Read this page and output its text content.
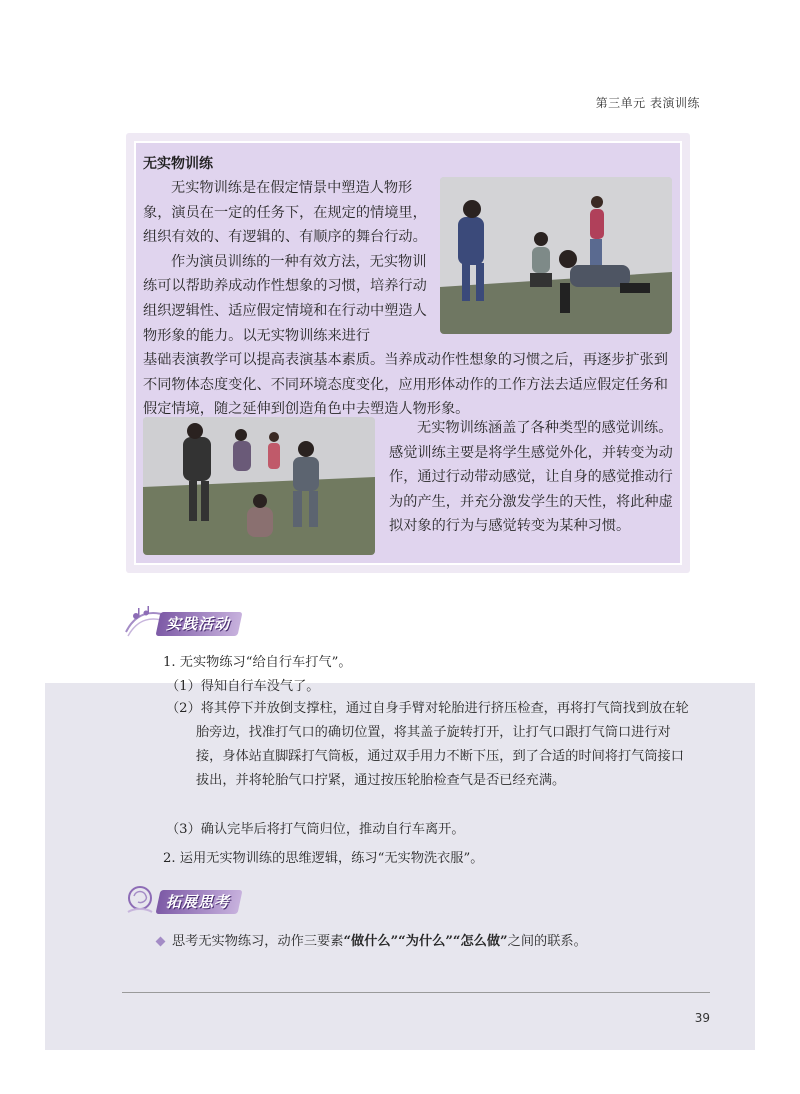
第三单元 表演训练
无实物训练
无实物训练是在假定情景中塑造人物形象，演员在一定的任务下，在规定的情境里，组织有效的、有逻辑的、有顺序的舞台行动。
作为演员训练的一种有效方法，无实物训练可以帮助养成动作性想象的习惯，培养行动组织逻辑性、适应假定情境和在行动中塑造人物形象的能力。以无实物训练来进行
基础表演教学可以提高表演基本素质。当养成动作性想象的习惯之后，再逐步扩张到不同物体态度变化、不同环境态度变化，应用形体动作的工作方法去适应假定任务和假定情境，随之延伸到创造角色中去塑造人物形象。
无实物训练涵盖了各种类型的感觉训练。感觉训练主要是将学生感觉外化，并转变为动作，通过行动带动感觉，让自身的感觉推动行为的产生，并充分激发学生的天性，将此种虚拟对象的行为与感觉转变为某种习惯。
实践活动
1. 无实物练习“给自行车打气”。
（1）得知自行车没气了。
（2）将其停下并放倒支撑柱，通过自身手臂对轮胎进行挤压检查，再将打气筒找到放在轮胎旁边，找准打气口的确切位置，将其盖子旋转打开，让打气口跟打气筒口进行对接，身体站直脚踩打气筒板，通过双手用力不断下压，到了合适的时间将打气筒接口拔出，并将轮胎气口拧紧，通过按压轮胎检查气是否已经充满。
（3）确认完毕后将打气筒归位，推动自行车离开。
2. 运用无实物训练的思维逻辑，练习“无实物洗衣服”。
拓展思考
思考无实物练习，动作三要素“做什么”“为什么”“怎么做”之间的联系。
39
